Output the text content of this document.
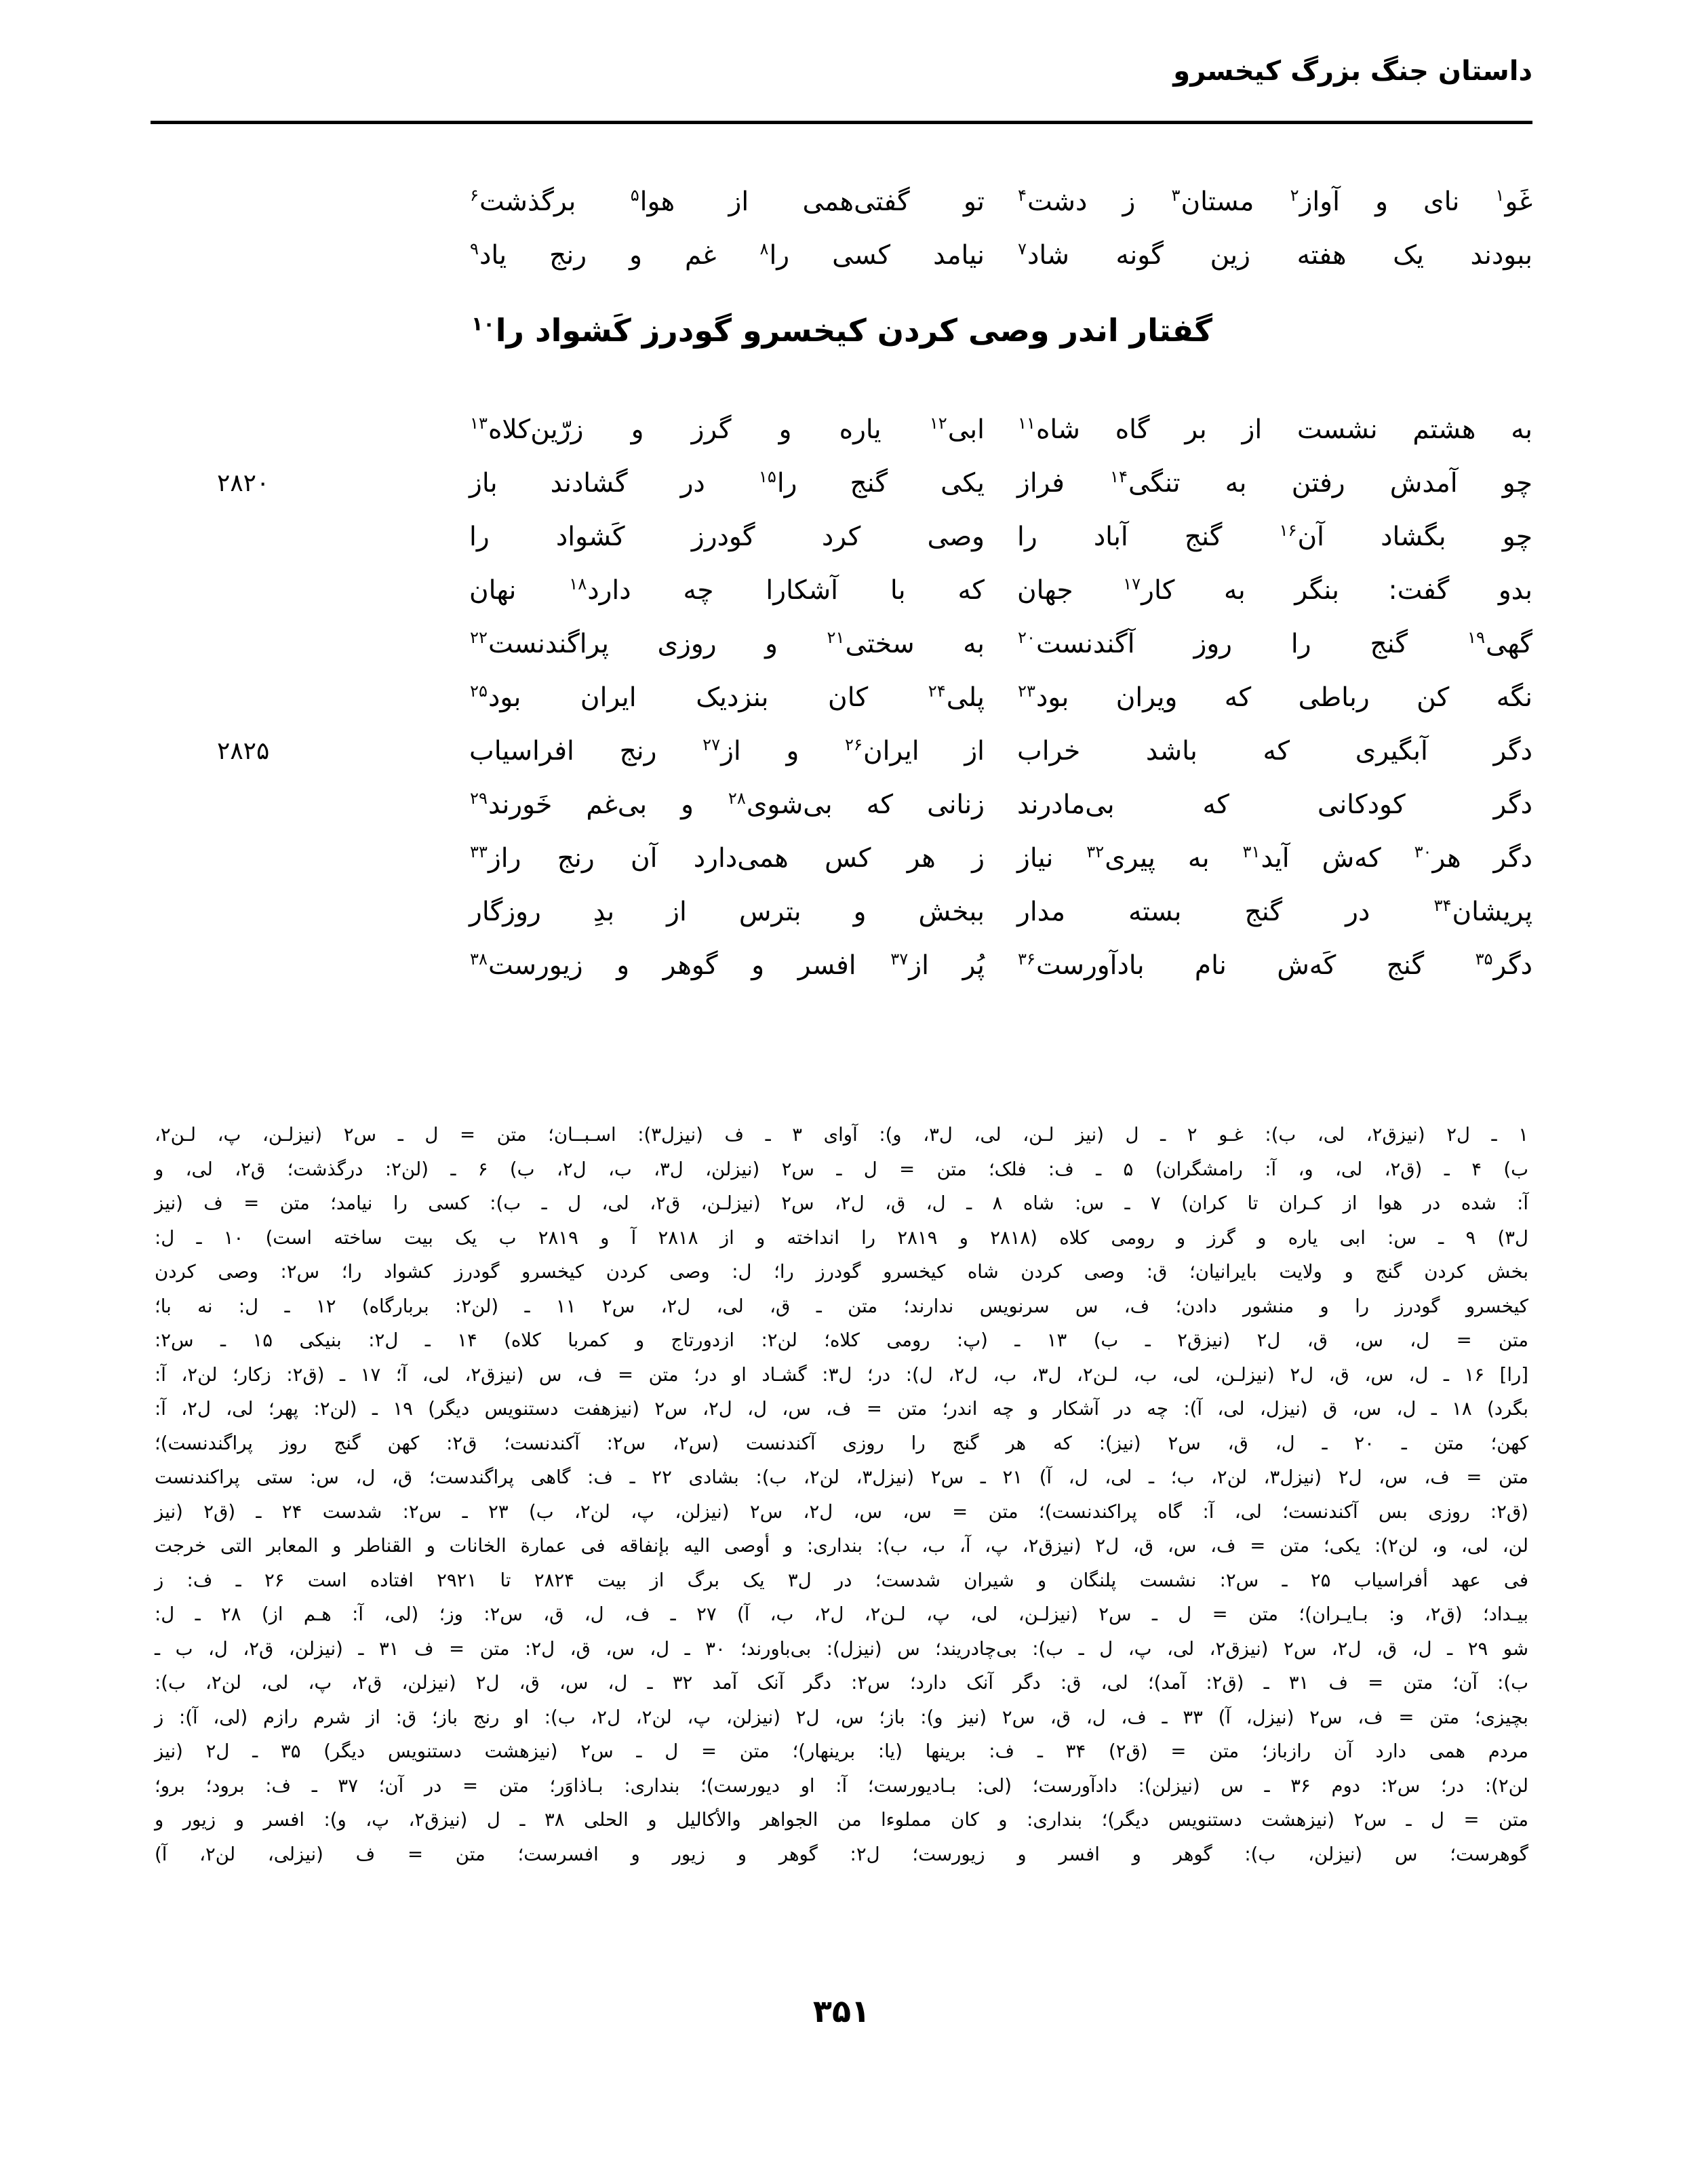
داستان جنگ بزرگ کیخسرو
غَو$^۱$ نای و آواز$^۲$ مستان$^۳$ ز دشت$^۴$
تو گفتی‌همی از هوا$^۵$ برگذشت$^۶$
ببودند یک هفته زین گونه شاد$^۷$
نیامد کسی را$^۸$ غم و رنج یاد$^۹$
گفتار اندر وصی کردن کیخسرو گودرز کَشواد را$^{۱۰}$
به هشتم نشست از بر گاه شاه$^{۱۱}$
ابی$^{۱۲}$ یاره و گرز و زرّین‌کلاه$^{۱۳}$
۲۸۲۰	چو آمدش رفتن به تنگی$^{۱۴}$ فراز
یکی گنج را$^{۱۵}$ در گشادند باز
چو بگشاد آن$^{۱۶}$ گنج آباد را
وصی کرد گودرز کَشواد را
بدو گفت: بنگر به کار$^{۱۷}$ جهان
که با آشکارا چه دارد$^{۱۸}$ نهان
گهی$^{۱۹}$ گنج را روز آگندنست$^{۲۰}$
به سختی$^{۲۱}$ و روزی پراگندنست$^{۲۲}$
نگه کن رباطی که ویران بود$^{۲۳}$
پلی$^{۲۴}$ کان بنزدیک ایران بود$^{۲۵}$
۲۸۲۵	دگر آبگیری که باشد خراب
از ایران$^{۲۶}$ و از$^{۲۷}$ رنج افراسیاب
دگر کودکانی که بی‌مادرند
زنانی که بی‌شوی$^{۲۸}$ و بی‌غم خَورند$^{۲۹}$
دگر هر$^{۳۰}$ که‌ش آید$^{۳۱}$ به پیری$^{۳۲}$ نیاز
ز هر کس همی‌دارد آن رنج راز$^{۳۳}$
پریشان$^{۳۴}$ در گنج بسته مدار
ببخش و بترس از بدِ روزگار
دگر$^{۳۵}$ گنج کَه‌ش نام بادآورست$^{۳۶}$
پُر از$^{۳۷}$ افسر و گوهر و زیورست$^{۳۸}$
۱ ـ ل۲ (نیزق۲، لی، ب): غـو ۲ ـ ل (نیز لـن، لی، ل۳، و): آوای ۳ ـ ف (نیزل۳): اسـبــان؛ متن = ل ـ س۲ (نیزلـن، پ، لـن۲،
ب) ۴ ـ (ق۲، لی، و، آ: رامشگران) ۵ ـ ف: فلک؛ متن = ل ـ س۲ (نیزلن، ل۳، ب، ل۲، ب) ۶ ـ (لن۲: درگذشت؛ ق۲، لی، و
آ: شده در هوا از کـران تا کران) ۷ ـ س: شاه ۸ ـ ل، ق، ل۲، س۲ (نیزلـن، ق۲، لی، ل ـ ب): کسی را نیامد؛ متن = ف (نیز
ل۳) ۹ ـ س: ابی یاره و گرز و رومی کلاه (۲۸۱۸ و ۲۸۱۹ را انداخته و از ۲۸۱۸ آ و ۲۸۱۹ ب یک بیت ساخته است) ۱۰ ـ ل:
بخش کردن گنج و ولایت بایرانیان؛ ق: وصی کردن شاه کیخسرو گودرز را؛ ل: وصی کردن کیخسرو گودرز کشواد را؛ س۲: وصی کردن
کیخسرو گودرز را و منشور دادن؛ ف، س سرنویس ندارند؛ متن ـ ق، لی، ل۲، س۲ ۱۱ ـ (لن۲: بربارگاه) ۱۲ ـ ل: نه با؛
متن = ل، س، ق، ل۲ (نیزق۲ ـ ب) ۱۳ ـ (پ: رومی کلاه؛ لن۲: ازدورتاج و کمربا کلاه) ۱۴ ـ ل۲: بنیکی ۱۵ ـ س۲:
[را] ۱۶ ـ ل، س، ق، ل۲ (نیزلـن، لی، ب، لـن۲، ل۳، ب، ل۲، ل): در؛ ل۳: گشـاد او در؛ متن = ف، س (نیزق۲، لی، آ؛ ۱۷ ـ (ق۲: زکار؛ لن۲، آ:
بگرد) ۱۸ ـ ل، س، ق (نیزل، لی، آ): چه در آشکار و چه اندر؛ متن = ف، س، ل، ل۲، س۲ (نیزهفت دستنویس دیگر) ۱۹ ـ (لن۲: پهر؛ لی، ل۲، آ:
کهن؛ متن ـ ۲۰ ـ ل، ق، س۲ (نیز): که هر گنج را روزی آکندنست (س۲، س۲: آکندنست؛ ق۲: کهن گنج روز پراگندنست)؛
متن = ف، س، ل۲ (نیزل۳، لن۲، ب؛ ـ لی، ل، آ) ۲۱ ـ س۲ (نیزل۳، لن۲، ب): بشادی ۲۲ ـ ف: گاهی پراگندست؛ ق، ل، س: ستی پراکندنست
(ق۲: روزی بس آکندنست؛ لی، آ: گاه پراکندنست)؛ متن = س، س، ل۲، س۲ (نیزلن، پ، لن۲، ب) ۲۳ ـ س۲: شدست ۲۴ ـ (ق۲ (نیز
لن، لی، و، لن۲): یکی؛ متن = ف، س، ق، ل۲ (نیزق۲، پ، آ، ب، ب): بنداری: و أوصی الیه بإنفاقه فی عمارة الخانات و القناطر و المعابر التی خرجت
فی عهد أفراسیاب ۲۵ ـ س۲: نشست پلنگان و شیران شدست؛ در ل۳ یک برگ از بیت ۲۸۲۴ تا ۲۹۲۱ افتاده است ۲۶ ـ ف: ز
بیـداد؛ (ق۲، و: بـایـران)؛ متن = ل ـ س۲ (نیزلـن، لی، پ، لـن۲، ل۲، ب، آ) ۲۷ ـ ف، ل، ق، س۲: وز؛ (لی، آ: هـم از) ۲۸ ـ ل:
شو ۲۹ ـ ل، ق، ل۲، س۲ (نیزق۲، لی، پ، ل ـ ب): بی‌چادریند؛ س (نیزل): بی‌باورند؛ ۳۰ ـ ل، س، ق، ل۲: متن = ف ۳۱ ـ (نیزلن، ق۲، ل، ب ـ
ب): آن؛ متن = ف ۳۱ ـ (ق۲: آمد)؛ لی، ق: دگر آنک دارد؛ س۲: دگر آنک آمد ۳۲ ـ ل، س، ق، ل۲ (نیزلن، ق۲، پ، لی، لن۲، ب):
بچیزی؛ متن = ف، س۲ (نیزل، آ) ۳۳ ـ ف، ل، ق، س۲ (نیز و): باز؛ س، ل۲ (نیزلن، پ، لن۲، ل۲، ب): او رنج باز؛ ق: از شرم رازم (لی، آ): ز
مردم همی دارد آن رازباز؛ متن = (ق۲) ۳۴ ـ ف: برینها (یا: برینهار)؛ متن = ل ـ س۲ (نیزهشت دستنویس دیگر) ۳۵ ـ ل۲ (نیز
لن۲): در؛ س۲: دوم ۳۶ ـ س (نیزلن): دادآورست؛ (لی: بـادیورست؛ آ: او دیورست)؛ بنداری: بـاذاوَر؛ متن = در آن؛ ۳۷ ـ ف: برود؛ برو؛
متن = ل ـ س۲ (نیزهشت دستنویس دیگر)؛ بنداری: و کان مملوءا من الجواهر والأکالیل و الحلی ۳۸ ـ ل (نیزق۲، پ، و): افسر و زیور و
گوهرست؛ س (نیزلن، ب): گوهر و افسر و زیورست؛ ل۲: گوهر و زیور و افسرست؛ متن = ف (نیزلی، لن۲، آ)
۳۵۱
